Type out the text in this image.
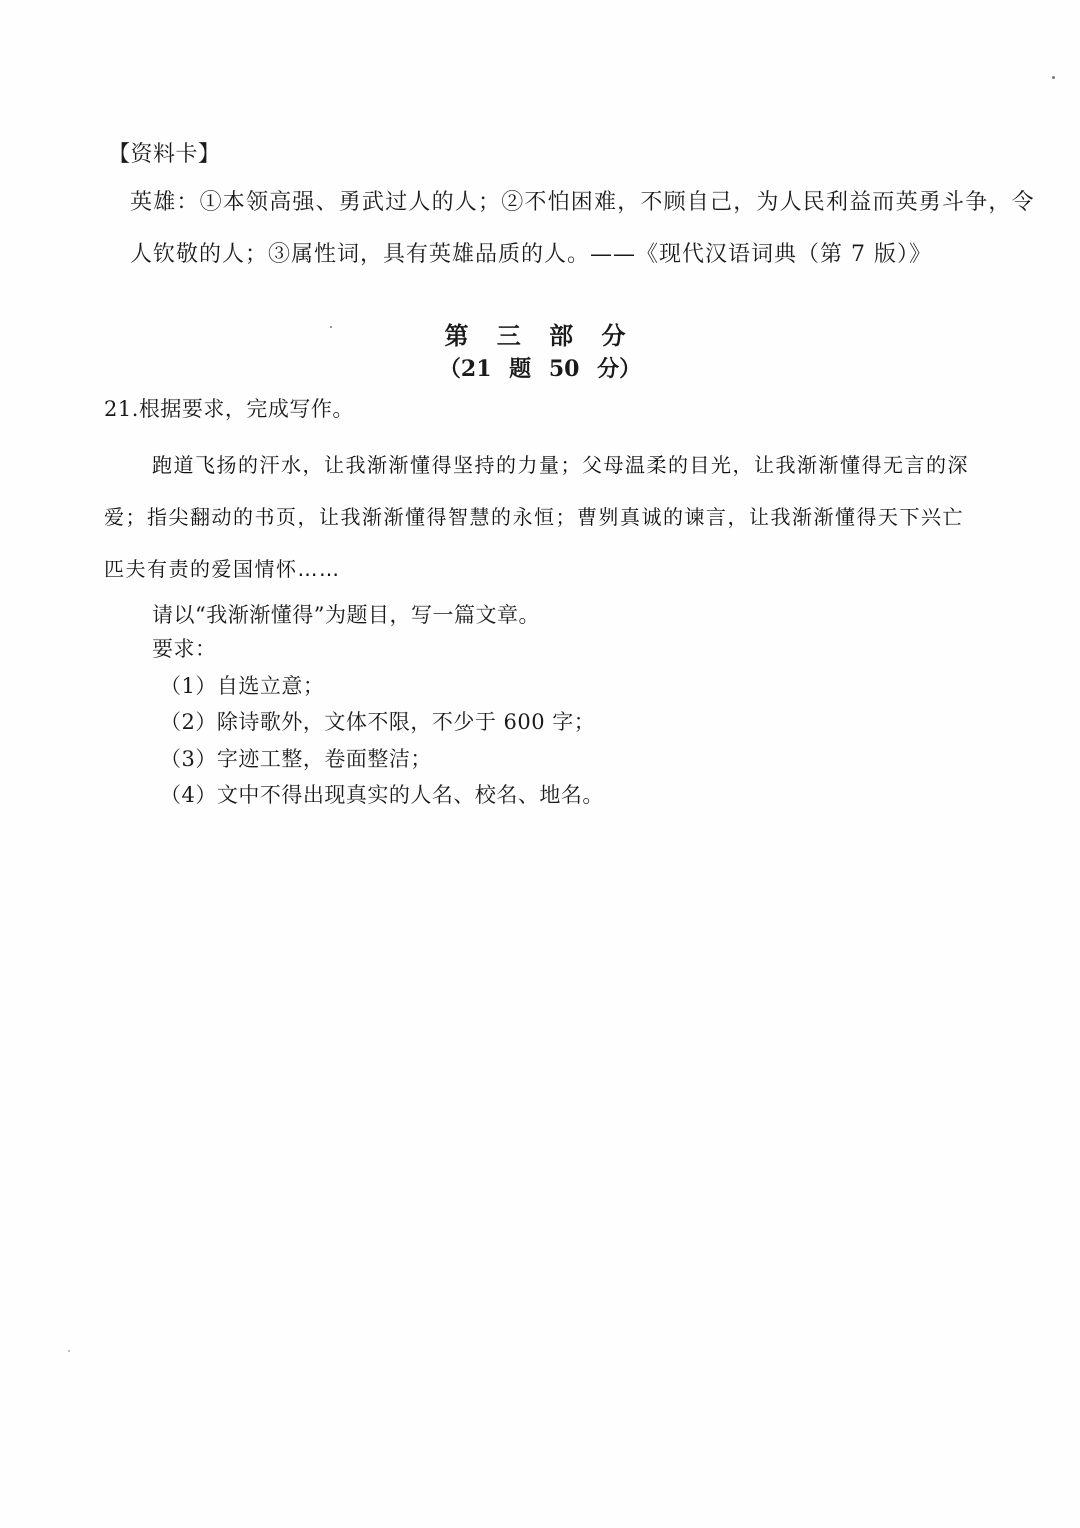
【资料卡】
英雄：①本领高强、勇武过人的人；②不怕困难，不顾自己，为人民利益而英勇斗争，令
人钦敬的人；③属性词，具有英雄品质的人。——《现代汉语词典（第 7 版）》
第 三 部 分
（21 题 50 分）
21.根据要求，完成写作。
跑道飞扬的汗水，让我渐渐懂得坚持的力量；父母温柔的目光，让我渐渐懂得无言的深
爱；指尖翻动的书页，让我渐渐懂得智慧的永恒；曹刿真诚的谏言，让我渐渐懂得天下兴亡
匹夫有责的爱国情怀……
请以“我渐渐懂得”为题目，写一篇文章。
要求：
（1）自选立意；
（2）除诗歌外，文体不限，不少于 600 字；
（3）字迹工整，卷面整洁；
（4）文中不得出现真实的人名、校名、地名。
